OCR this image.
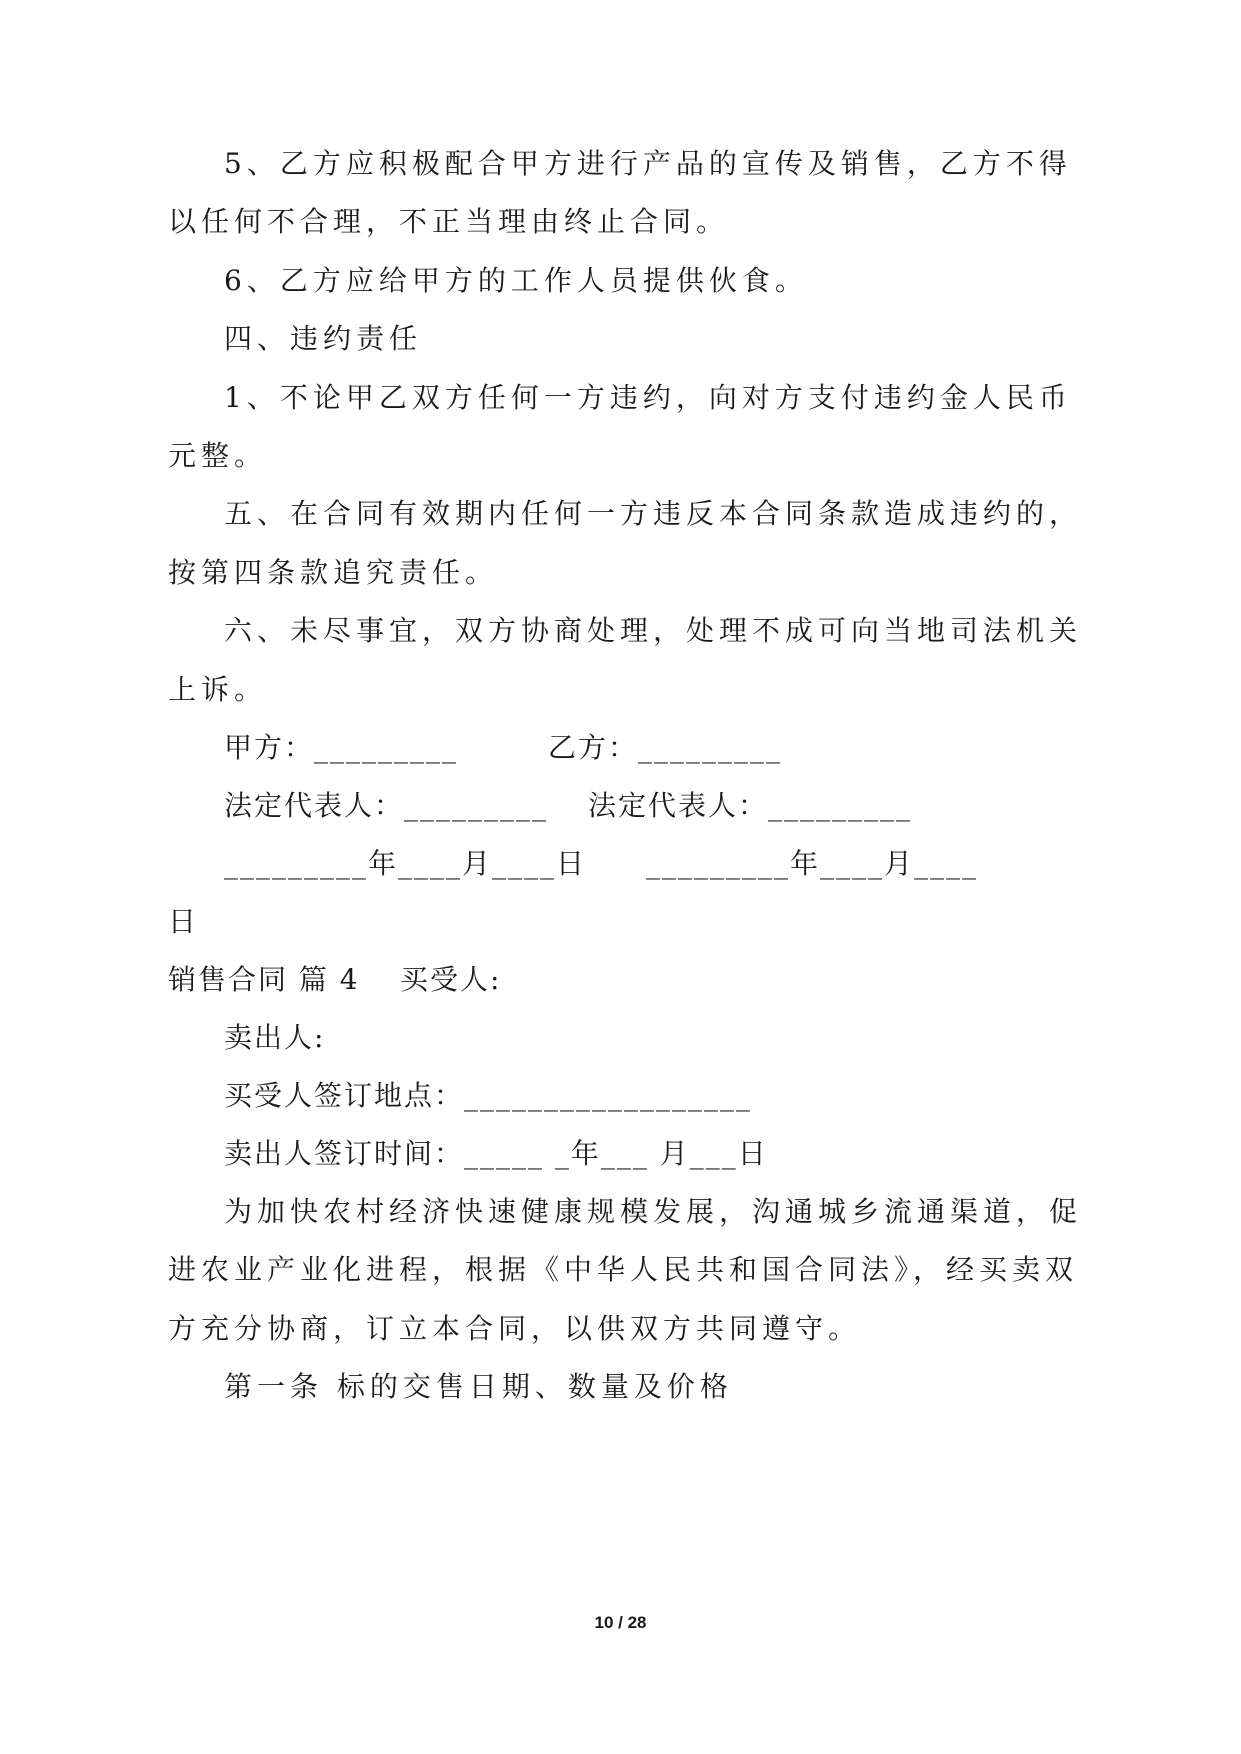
5、乙方应积极配合甲方进行产品的宣传及销售，乙方不得
以任何不合理，不正当理由终止合同。
6、乙方应给甲方的工作人员提供伙食。
四、违约责任
1、不论甲乙双方任何一方违约，向对方支付违约金人民币
元整。
五、在合同有效期内任何一方违反本合同条款造成违约的，
按第四条款追究责任。
六、未尽事宜，双方协商处理，处理不成可向当地司法机关
上诉。
甲方：_________	乙方：_________
法定代表人：_________ 法定代表人：_________
_________年____月____日 _________年____月____
日
销售合同 篇 4 买受人:
卖出人:
买受人签订地点：__________________
卖出人签订时间：_____ _年___ 月___日
为加快农村经济快速健康规模发展，沟通城乡流通渠道，促
进农业产业化进程，根据《中华人民共和国合同法》，经买卖双
方充分协商，订立本合同，以供双方共同遵守。
第一条 标的交售日期、数量及价格
10 / 28
